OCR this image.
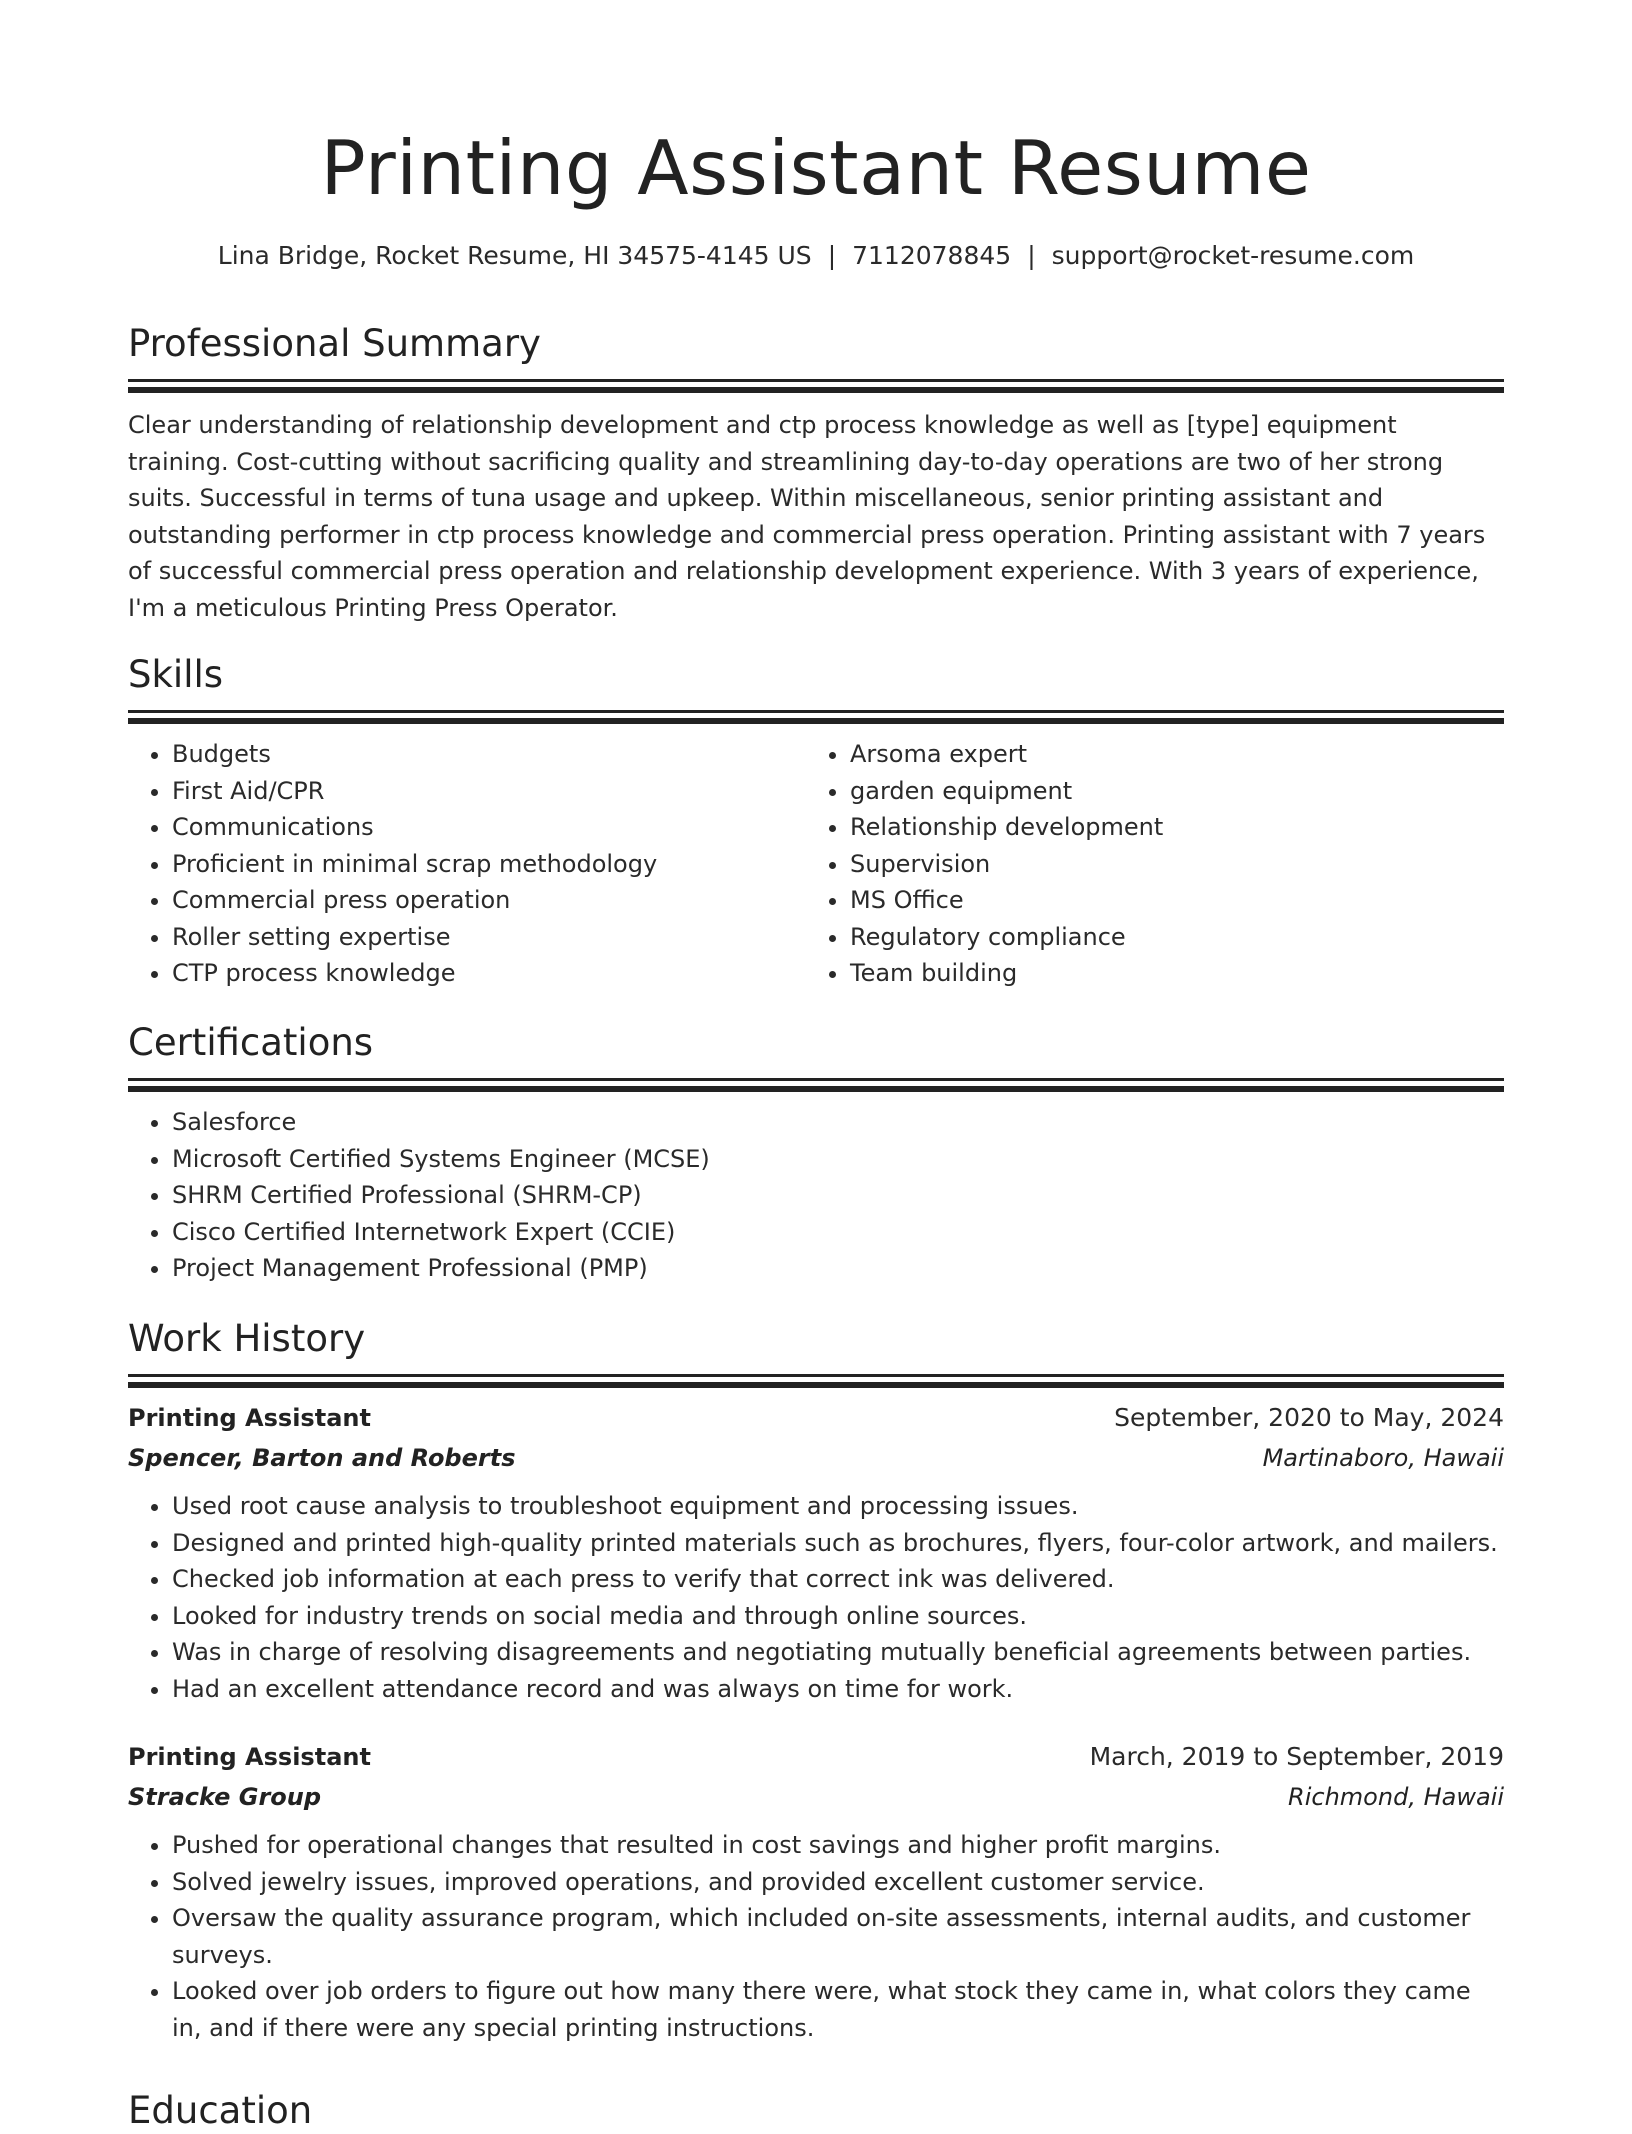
Printing Assistant Resume
Lina Bridge, Rocket Resume, HI 34575-4145 US | 7112078845 | support@rocket-resume.com
Professional Summary

Clear understanding of relationship development and ctp process knowledge as well as [type] equipment training. Cost-cutting without sacrificing quality and streamlining day-to-day operations are two of her strong suits. Successful in terms of tuna usage and upkeep. Within miscellaneous, senior printing assistant and outstanding performer in ctp process knowledge and commercial press operation. Printing assistant with 7 years of successful commercial press operation and relationship development experience. With 3 years of experience, I'm a meticulous Printing Press Operator.

Skills
• Budgets
• First Aid/CPR
• Communications
• Proficient in minimal scrap methodology
• Commercial press operation
• Roller setting expertise
• CTP process knowledge
• Arsoma expert
• garden equipment
• Relationship development
• Supervision
• MS Office
• Regulatory compliance
• Team building
Certifications
• Salesforce
• Microsoft Certified Systems Engineer (MCSE)
• SHRM Certified Professional (SHRM-CP)
• Cisco Certified Internetwork Expert (CCIE)
• Project Management Professional (PMP)
Work History
Printing Assistant	September, 2020 to May, 2024
Spencer, Barton and Roberts	Martinaboro, Hawaii
• Used root cause analysis to troubleshoot equipment and processing issues.
• Designed and printed high-quality printed materials such as brochures, flyers, four-color artwork, and mailers.
• Checked job information at each press to verify that correct ink was delivered.
• Looked for industry trends on social media and through online sources.
• Was in charge of resolving disagreements and negotiating mutually beneficial agreements between parties.
• Had an excellent attendance record and was always on time for work.
Printing Assistant	March, 2019 to September, 2019
Stracke Group	Richmond, Hawaii
• Pushed for operational changes that resulted in cost savings and higher profit margins.
• Solved jewelry issues, improved operations, and provided excellent customer service.
• Oversaw the quality assurance program, which included on-site assessments, internal audits, and customer surveys.
• Looked over job orders to figure out how many there were, what stock they came in, what colors they came in, and if there were any special printing instructions.
Education
